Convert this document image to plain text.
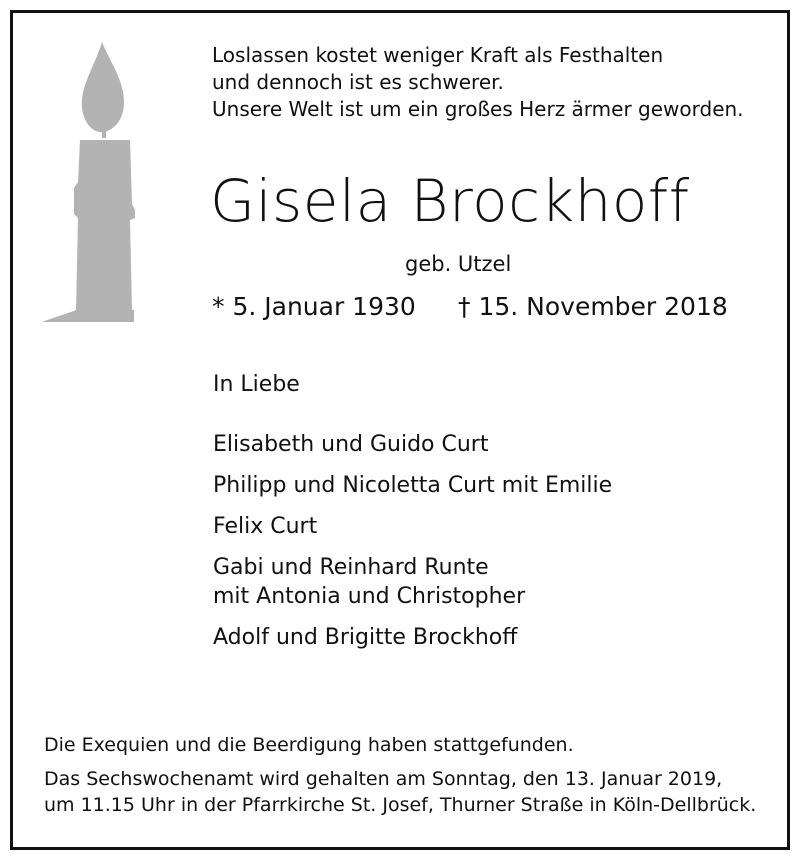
Loslassen kostet weniger Kraft als Festhalten
und dennoch ist es schwerer.
Unsere Welt ist um ein großes Herz ärmer geworden.
Gisela Brockhoff
geb. Utzel
* 5. Januar 1930 † 15. November 2018
In Liebe
Elisabeth und Guido Curt
Philipp und Nicoletta Curt mit Emilie
Felix Curt
Gabi und Reinhard Runte
mit Antonia und Christopher
Adolf und Brigitte Brockhoff
Die Exequien und die Beerdigung haben stattgefunden.
Das Sechswochenamt wird gehalten am Sonntag, den 13. Januar 2019,
um 11.15 Uhr in der Pfarrkirche St. Josef, Thurner Straße in Köln-Dellbrück.
